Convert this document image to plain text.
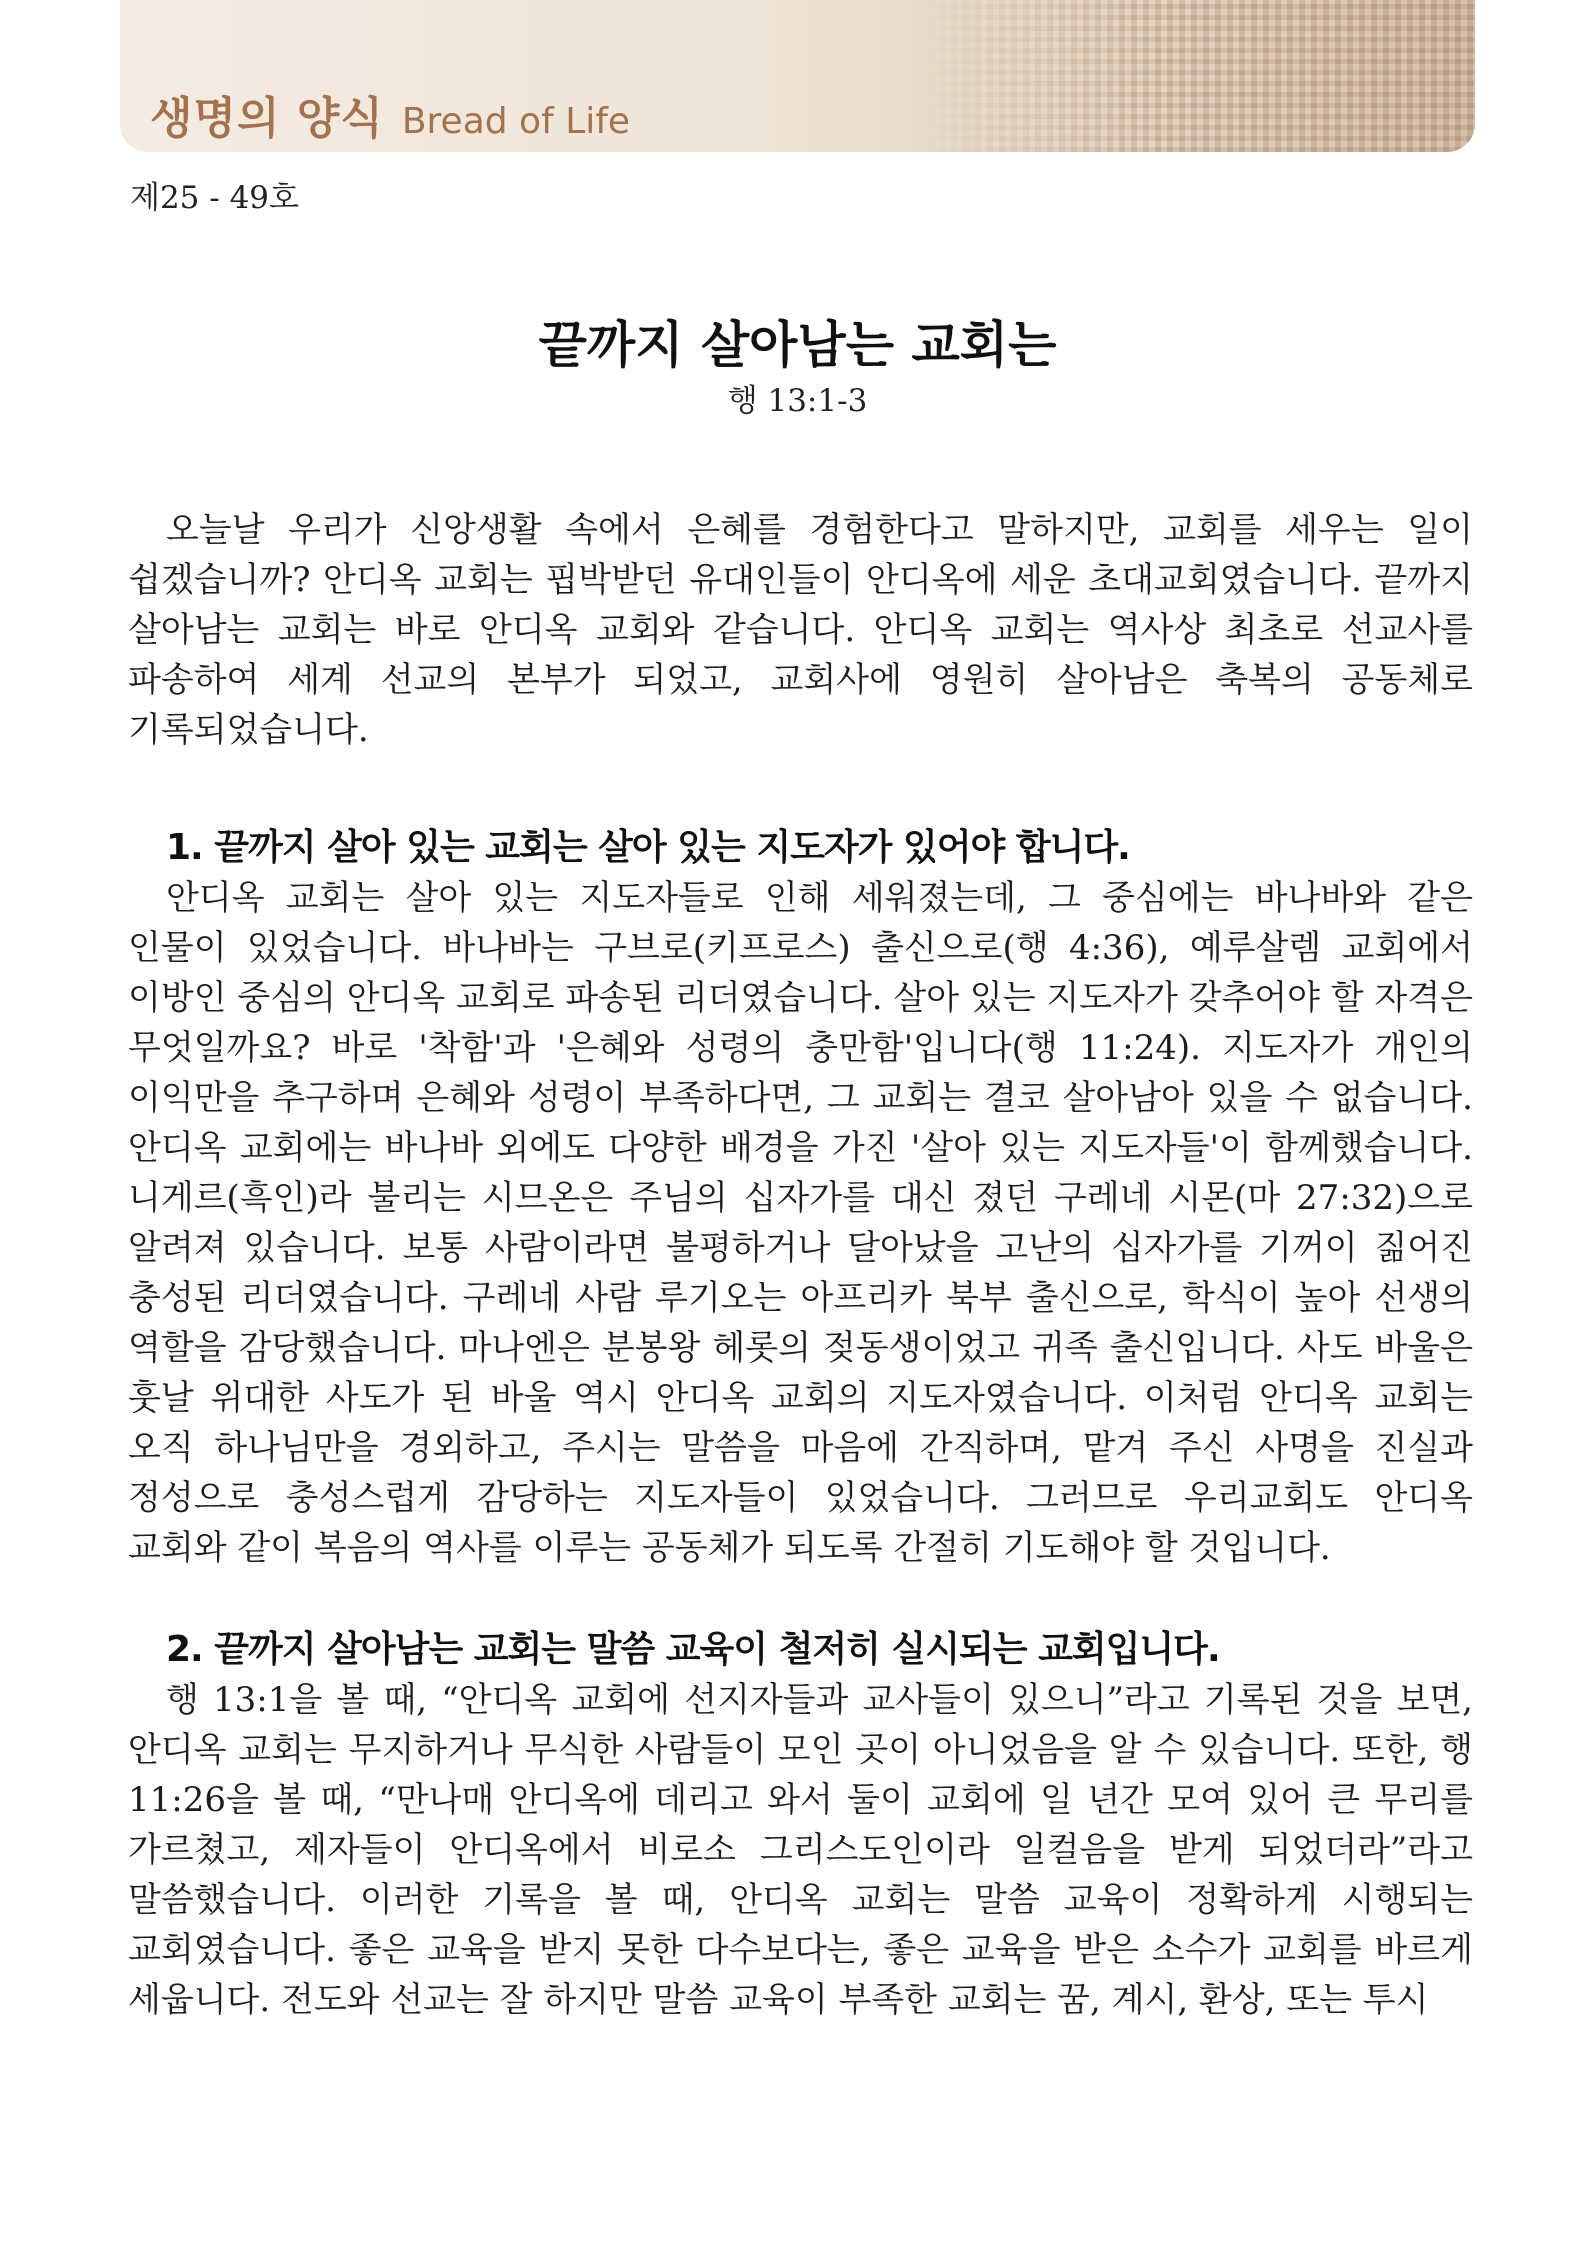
생명의 양식 Bread of Life
제25 - 49호
끝까지 살아남는 교회는
행 13:1-3

오늘날 우리가 신앙생활 속에서 은혜를 경험한다고 말하지만, 교회를 세우는 일이 쉽겠습니까? 안디옥 교회는 핍박받던 유대인들이 안디옥에 세운 초대교회였습니다. 끝까지 살아남는 교회는 바로 안디옥 교회와 같습니다. 안디옥 교회는 역사상 최초로 선교사를 파송하여 세계 선교의 본부가 되었고, 교회사에 영원히 살아남은 축복의 공동체로 기록되었습니다.

1. 끝까지 살아 있는 교회는 살아 있는 지도자가 있어야 합니다.

안디옥 교회는 살아 있는 지도자들로 인해 세워졌는데, 그 중심에는 바나바와 같은 인물이 있었습니다. 바나바는 구브로(키프로스) 출신으로(행 4:36), 예루살렘 교회에서 이방인 중심의 안디옥 교회로 파송된 리더였습니다. 살아 있는 지도자가 갖추어야 할 자격은 무엇일까요? 바로 '착함'과 '은혜와 성령의 충만함'입니다(행 11:24). 지도자가 개인의 이익만을 추구하며 은혜와 성령이 부족하다면, 그 교회는 결코 살아남아 있을 수 없습니다. 안디옥 교회에는 바나바 외에도 다양한 배경을 가진 '살아 있는 지도자들'이 함께했습니다. 니게르(흑인)라 불리는 시므온은 주님의 십자가를 대신 졌던 구레네 시몬(마 27:32)으로 알려져 있습니다. 보통 사람이라면 불평하거나 달아났을 고난의 십자가를 기꺼이 짊어진 충성된 리더였습니다. 구레네 사람 루기오는 아프리카 북부 출신으로, 학식이 높아 선생의 역할을 감당했습니다. 마나엔은 분봉왕 헤롯의 젖동생이었고 귀족 출신입니다. 사도 바울은 훗날 위대한 사도가 된 바울 역시 안디옥 교회의 지도자였습니다. 이처럼 안디옥 교회는 오직 하나님만을 경외하고, 주시는 말씀을 마음에 간직하며, 맡겨 주신 사명을 진실과 정성으로 충성스럽게 감당하는 지도자들이 있었습니다. 그러므로 우리교회도 안디옥 교회와 같이 복음의 역사를 이루는 공동체가 되도록 간절히 기도해야 할 것입니다.

2. 끝까지 살아남는 교회는 말씀 교육이 철저히 실시되는 교회입니다.

행 13:1을 볼 때, “안디옥 교회에 선지자들과 교사들이 있으니”라고 기록된 것을 보면, 안디옥 교회는 무지하거나 무식한 사람들이 모인 곳이 아니었음을 알 수 있습니다. 또한, 행 11:26을 볼 때, “만나매 안디옥에 데리고 와서 둘이 교회에 일 년간 모여 있어 큰 무리를 가르쳤고, 제자들이 안디옥에서 비로소 그리스도인이라 일컬음을 받게 되었더라”라고 말씀했습니다. 이러한 기록을 볼 때, 안디옥 교회는 말씀 교육이 정확하게 시행되는 교회였습니다. 좋은 교육을 받지 못한 다수보다는, 좋은 교육을 받은 소수가 교회를 바르게 세웁니다. 전도와 선교는 잘 하지만 말씀 교육이 부족한 교회는 꿈, 계시, 환상, 또는 투시
